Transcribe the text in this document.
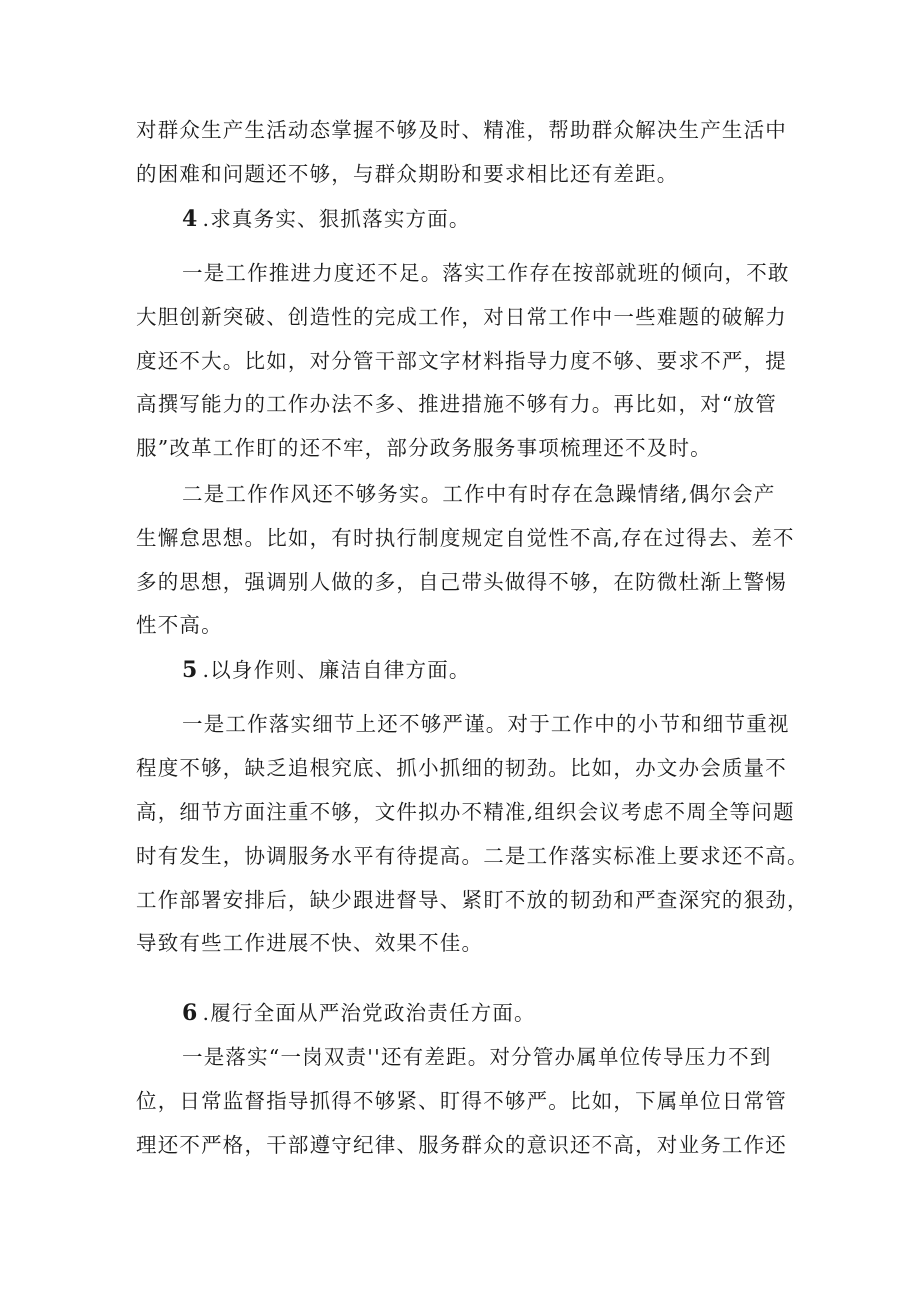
对群众生产生活动态掌握不够及时、精准，帮助群众解决生产生活中
的困难和问题还不够，与群众期盼和要求相比还有差距。
4 .求真务实、狠抓落实方面。
一是工作推进力度还不足。落实工作存在按部就班的倾向，不敢
大胆创新突破、创造性的完成工作，对日常工作中一些难题的破解力
度还不大。比如，对分管干部文字材料指导力度不够、要求不严，提
高撰写能力的工作办法不多、推进措施不够有力。再比如，对“放管
服”改革工作盯的还不牢，部分政务服务事项梳理还不及时。
二是工作作风还不够务实。工作中有时存在急躁情绪,偶尔会产
生懈怠思想。比如，有时执行制度规定自觉性不高,存在过得去、差不
多的思想，强调别人做的多，自己带头做得不够，在防微杜渐上警惕
性不高。
5 .以身作则、廉洁自律方面。
一是工作落实细节上还不够严谨。对于工作中的小节和细节重视
程度不够，缺乏追根究底、抓小抓细的韧劲。比如，办文办会质量不
高，细节方面注重不够，文件拟办不精准,组织会议考虑不周全等问题
时有发生，协调服务水平有待提高。二是工作落实标准上要求还不高。
工作部署安排后，缺少跟进督导、紧盯不放的韧劲和严查深究的狠劲，
导致有些工作进展不快、效果不佳。
6 .履行全面从严治党政治责任方面。
一是落实“一岗双责''还有差距。对分管办属单位传导压力不到
位，日常监督指导抓得不够紧、盯得不够严。比如，下属单位日常管
理还不严格，干部遵守纪律、服务群众的意识还不高，对业务工作还
